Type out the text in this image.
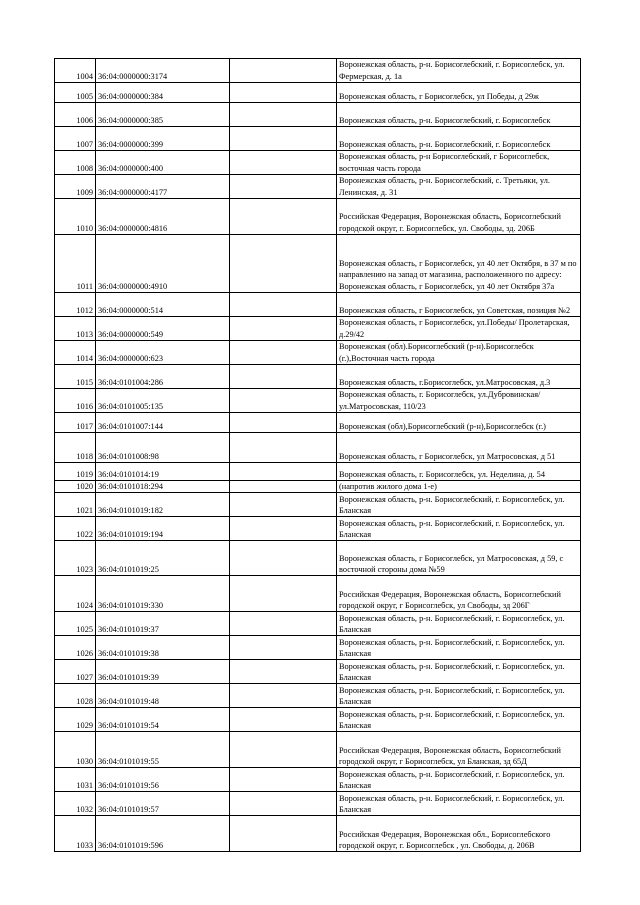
1004	36:04:0000000:3174		Воронежская область, р-н. Борисоглебский, г. Борисоглебск, ул. Фермерская, д. 1а
1005	36:04:0000000:384		Воронежская область, г Борисоглебск, ул Победы, д 29ж
1006	36:04:0000000:385		Воронежская область, р-н. Борисоглебский, г. Борисоглебск
1007	36:04:0000000:399		Воронежская область, р-н. Борисоглебский, г. Борисоглебск
1008	36:04:0000000:400		Воронежская область, р-н Борисоглебский, г Борисоглебск, восточная часть города
1009	36:04:0000000:4177		Воронежская область, р-н. Борисоглебский, с. Третьяки, ул. Ленинская, д. 31
1010	36:04:0000000:4816		Российская Федерация, Воронежская область, Борисоглебский городской округ, г. Борисоглебск, ул. Свободы, зд. 206Б
1011	36:04:0000000:4910		Воронежская область, г Борисоглебск, ул 40 лет Октября, в 37 м по направлению на запад от магазина, расположенного по адресу: Воронежская область, г Борисоглебск, ул 40 лет Октября 37а
1012	36:04:0000000:514		Воронежская область, г Борисоглебск, ул Советская, позиция №2
1013	36:04:0000000:549		Воронежская область, г Борисоглебск, ул.Победы/ Пролетарская, д.29/42
1014	36:04:0000000:623		Воронежская (обл).Борисоглебский (р-н).Борисоглебск (г.),Восточная часть города
1015	36:04:0101004:286		Воронежская область, г.Борисоглебск, ул.Матросовская, д.3
1016	36:04:0101005:135		Воронежская область, г. Борисоглебск, ул.Дубровинская/ул.Матросовская, 110/23
1017	36:04:0101007:144		Воронежская (обл),Борисоглебский (р-н),Борисоглебск (г.)
1018	36:04:0101008:98		Воронежская область, г Борисоглебск, ул Матросовская, д 51
1019	36:04:0101014:19		Воронежская область, г. Борисоглебск, ул. Неделина, д. 54
1020	36:04:0101018:294		(напротив жилого дома 1-е)
1021	36:04:0101019:182		Воронежская область, р-н. Борисоглебский, г. Борисоглебск, ул. Бланская
1022	36:04:0101019:194		Воронежская область, р-н. Борисоглебский, г. Борисоглебск, ул. Бланская
1023	36:04:0101019:25		Воронежская область, г Борисоглебск, ул Матросовская, д 59, с восточной стороны дома №59
1024	36:04:0101019:330		Российская Федерация, Воронежская область, Борисоглебский городской округ, г Борисоглебск, ул Свободы, зд 206Г
1025	36:04:0101019:37		Воронежская область, р-н. Борисоглебский, г. Борисоглебск, ул. Бланская
1026	36:04:0101019:38		Воронежская область, р-н. Борисоглебский, г. Борисоглебск, ул. Бланская
1027	36:04:0101019:39		Воронежская область, р-н. Борисоглебский, г. Борисоглебск, ул. Бланская
1028	36:04:0101019:48		Воронежская область, р-н. Борисоглебский, г. Борисоглебск, ул. Бланская
1029	36:04:0101019:54		Воронежская область, р-н. Борисоглебский, г. Борисоглебск, ул. Бланская
1030	36:04:0101019:55		Российская Федерация, Воронежская область, Борисоглебский городской округ, г Борисоглебск, ул Бланская, зд 65Д
1031	36:04:0101019:56		Воронежская область, р-н. Борисоглебский, г. Борисоглебск, ул. Бланская
1032	36:04:0101019:57		Воронежская область, р-н. Борисоглебский, г. Борисоглебск, ул. Бланская
1033	36:04:0101019:596		Российская Федерация, Воронежская обл., Борисоглебского городской округ, г. Борисоглебск , ул. Свободы, д. 206В
